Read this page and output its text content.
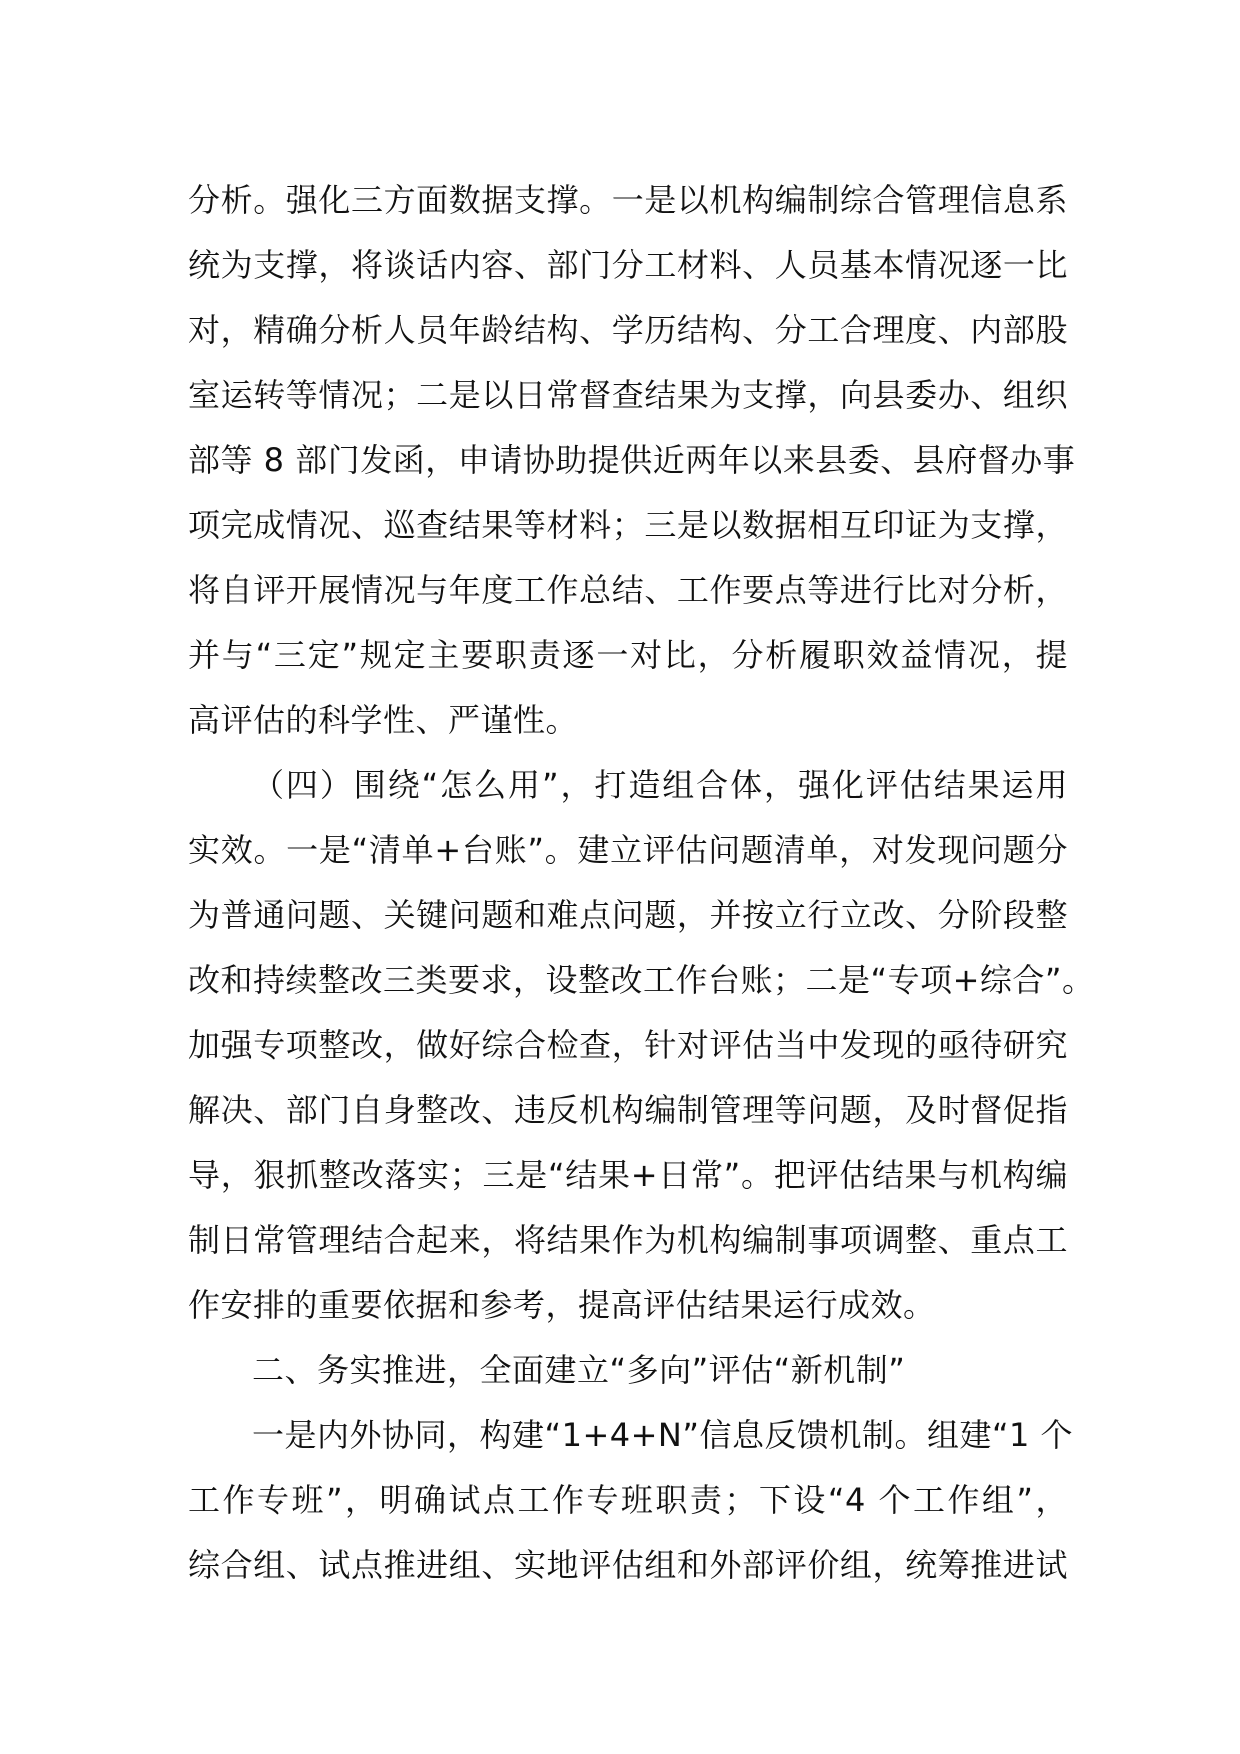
分析。强化三方面数据支撑。一是以机构编制综合管理信息系
统为支撑，将谈话内容、部门分工材料、人员基本情况逐一比
对，精确分析人员年龄结构、学历结构、分工合理度、内部股
室运转等情况；二是以日常督查结果为支撑，向县委办、组织
部等 8 部门发函，申请协助提供近两年以来县委、县府督办事
项完成情况、巡查结果等材料；三是以数据相互印证为支撑，
将自评开展情况与年度工作总结、工作要点等进行比对分析，
并与“三定”规定主要职责逐一对比，分析履职效益情况，提
高评估的科学性、严谨性。
（四）围绕“怎么用”，打造组合体，强化评估结果运用
实效。一是“清单+台账”。建立评估问题清单，对发现问题分
为普通问题、关键问题和难点问题，并按立行立改、分阶段整
改和持续整改三类要求，设整改工作台账；二是“专项+综合”。
加强专项整改，做好综合检查，针对评估当中发现的亟待研究
解决、部门自身整改、违反机构编制管理等问题，及时督促指
导，狠抓整改落实；三是“结果+日常”。把评估结果与机构编
制日常管理结合起来，将结果作为机构编制事项调整、重点工
作安排的重要依据和参考，提高评估结果运行成效。
二、务实推进，全面建立“多向”评估“新机制”
一是内外协同，构建“1+4+N”信息反馈机制。组建“1 个
工作专班”，明确试点工作专班职责；下设“4 个工作组”，
综合组、试点推进组、实地评估组和外部评价组，统筹推进试
